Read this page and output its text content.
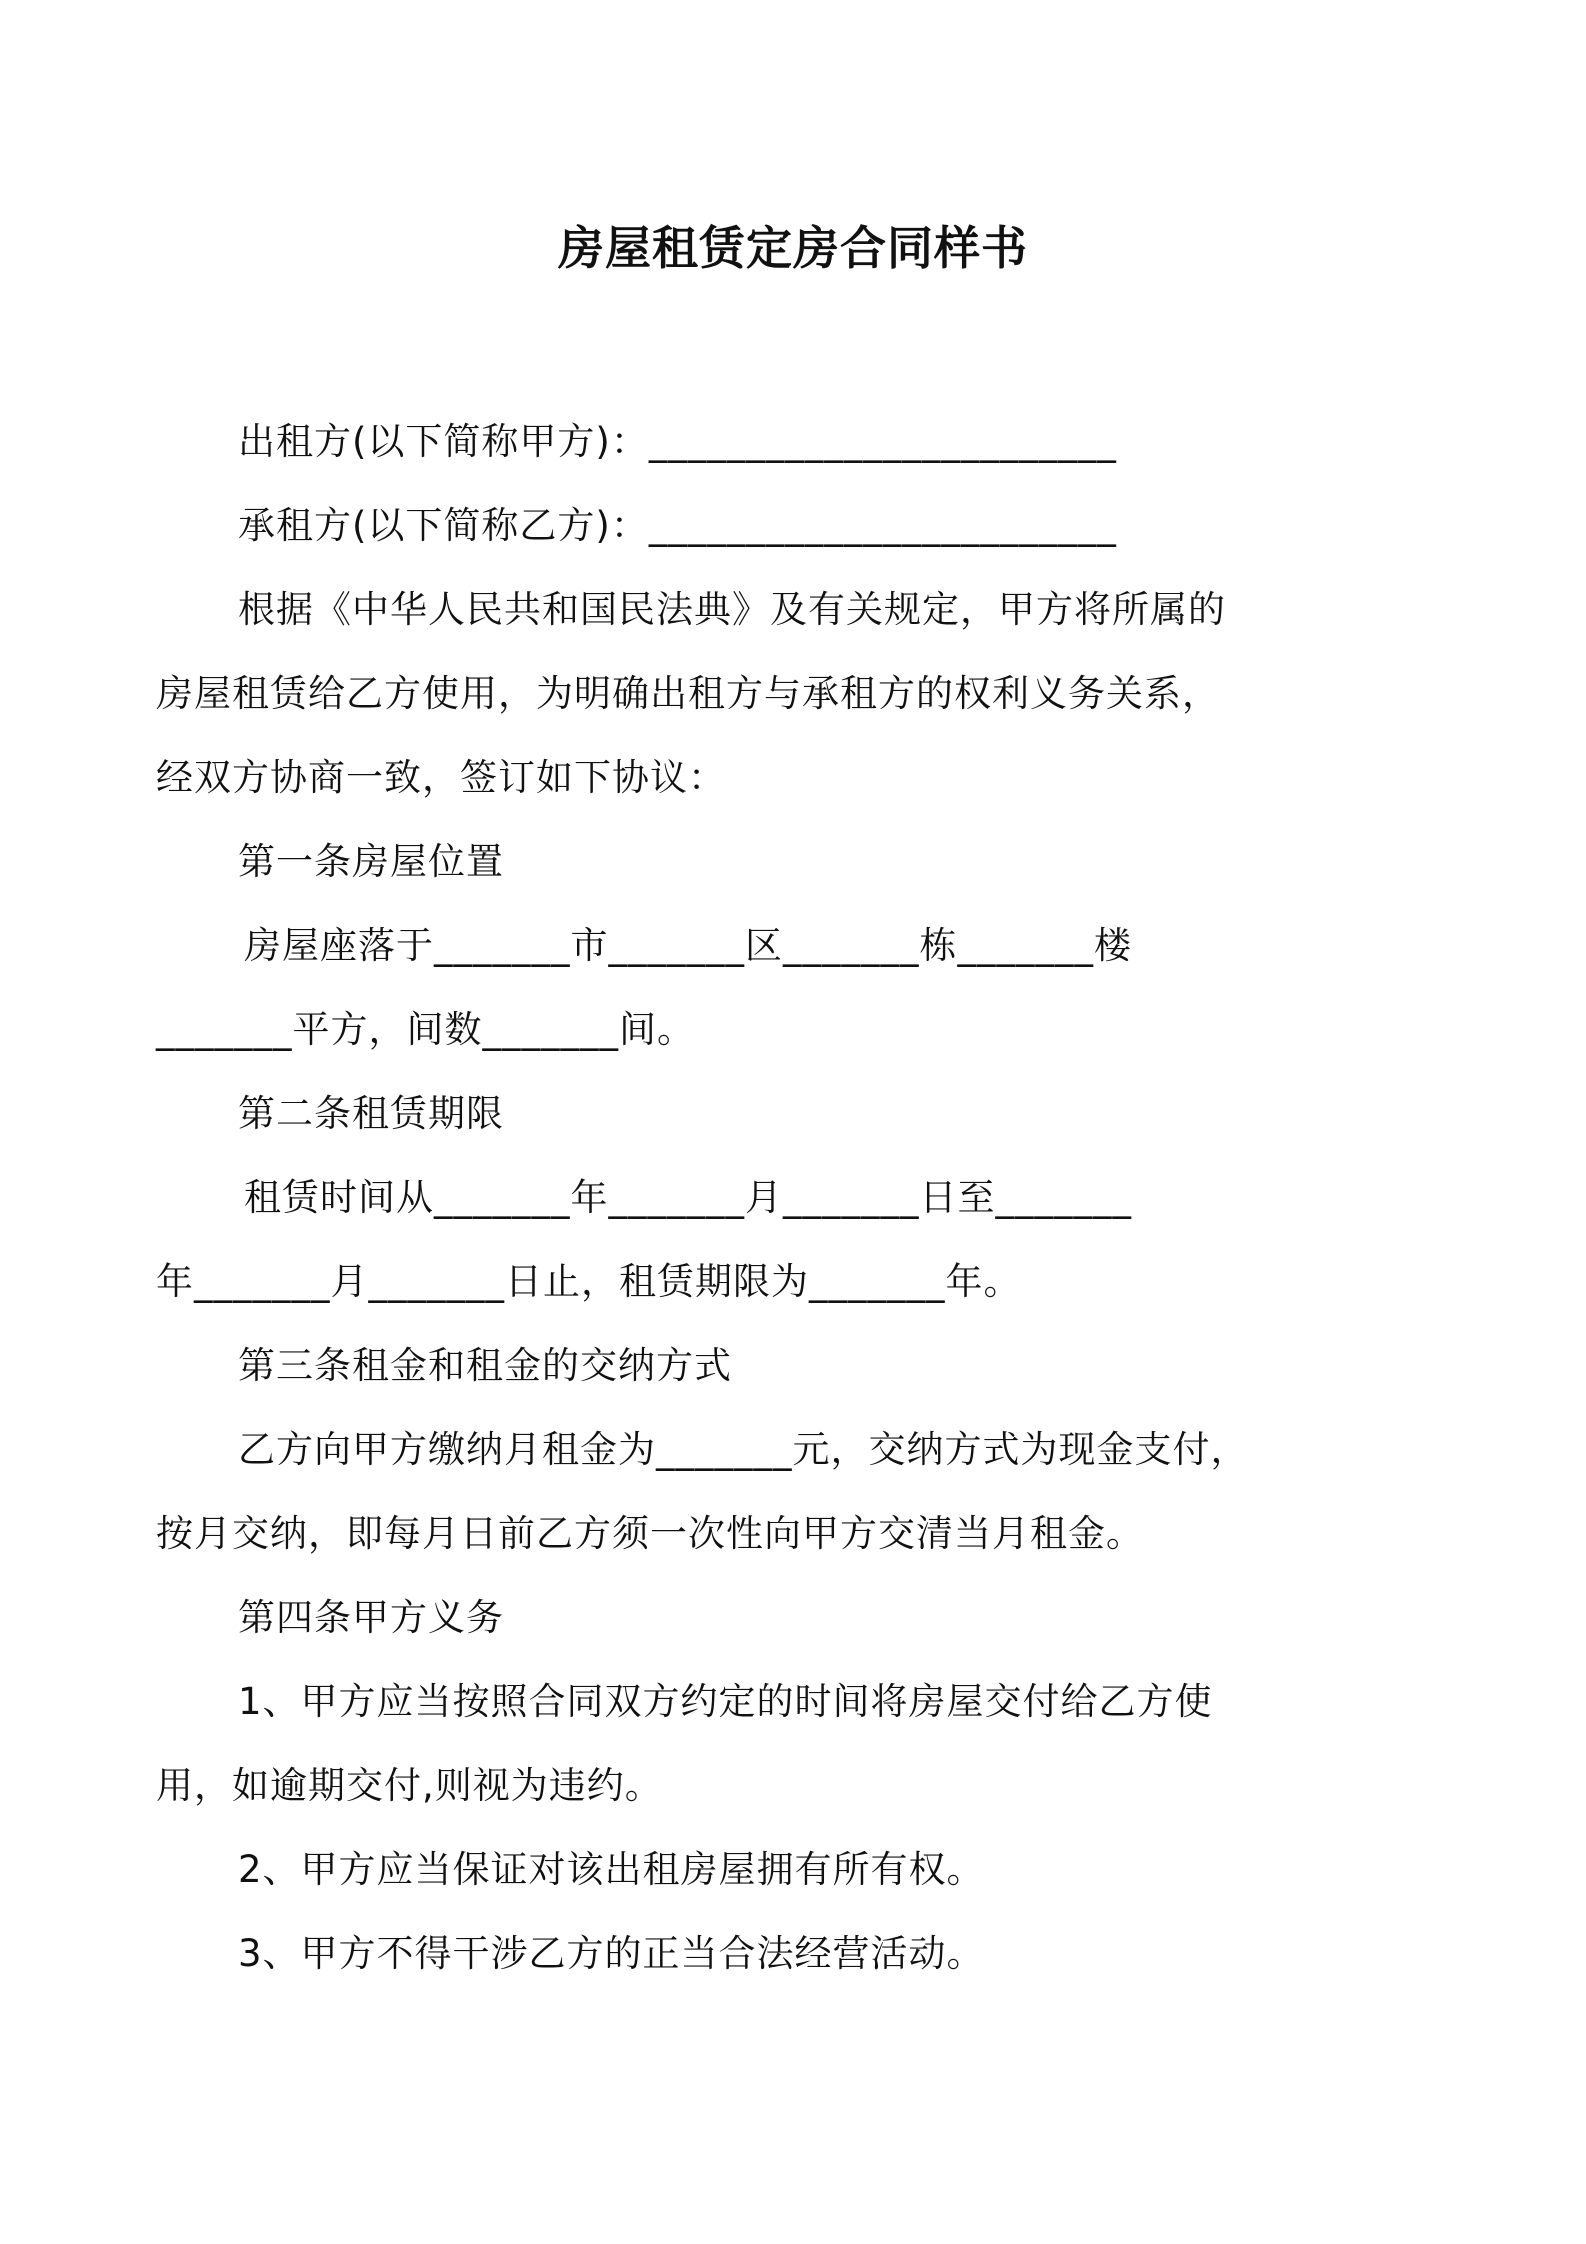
房屋租赁定房合同样书

出租方(以下简称甲方)：________________________

承租方(以下简称乙方)：________________________

根据《中华人民共和国民法典》及有关规定，甲方将所属的

房屋租赁给乙方使用，为明确出租方与承租方的权利义务关系，

经双方协商一致，签订如下协议：

第一条房屋位置

房屋座落于_______市_______区_______栋_______楼

_______平方，间数_______间。

第二条租赁期限

租赁时间从_______年_______月_______日至_______

年_______月_______日止，租赁期限为_______年。

第三条租金和租金的交纳方式

乙方向甲方缴纳月租金为_______元，交纳方式为现金支付，

按月交纳，即每月日前乙方须一次性向甲方交清当月租金。

第四条甲方义务

1、甲方应当按照合同双方约定的时间将房屋交付给乙方使

用，如逾期交付,则视为违约。

2、甲方应当保证对该出租房屋拥有所有权。

3、甲方不得干涉乙方的正当合法经营活动。
